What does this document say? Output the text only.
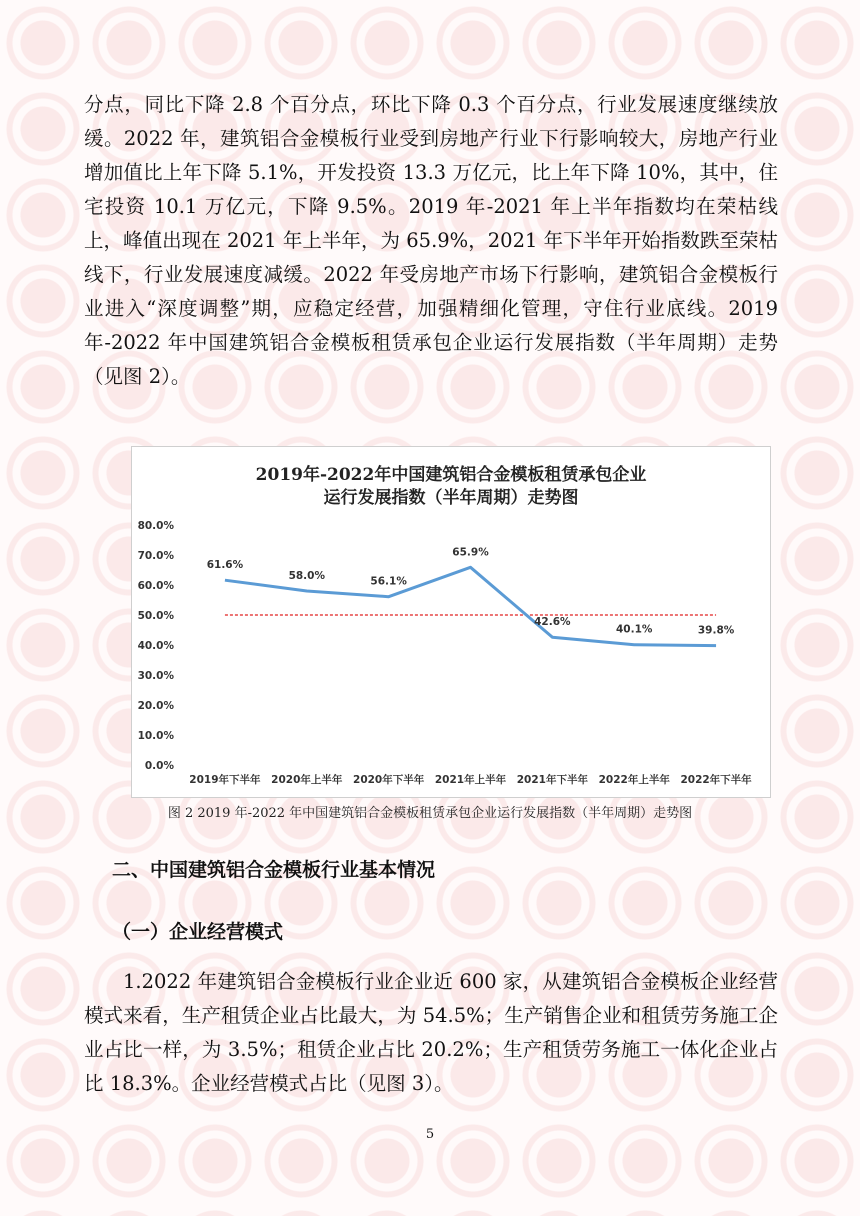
分点，同比下降 2.8 个百分点，环比下降 0.3 个百分点，行业发展速度继续放缓。2022 年，建筑铝合金模板行业受到房地产行业下行影响较大，房地产行业增加值比上年下降 5.1%，开发投资 13.3 万亿元，比上年下降 10%，其中，住宅投资 10.1 万亿元，下降 9.5%。2019 年-2021 年上半年指数均在荣枯线上，峰值出现在 2021 年上半年，为 65.9%，2021 年下半年开始指数跌至荣枯线下，行业发展速度减缓。2022 年受房地产市场下行影响，建筑铝合金模板行业进入“深度调整”期，应稳定经营，加强精细化管理，守住行业底线。2019 年-2022 年中国建筑铝合金模板租赁承包企业运行发展指数（半年周期）走势（见图 2）。

2019年-2022年中国建筑铝合金模板租赁承包企业
运行发展指数（半年周期）走势图
0.0%
10.0%
20.0%
30.0%
40.0%
50.0%
60.0%
70.0%
80.0%
2019年下半年 2020年上半年 2020年下半年 2021年上半年 2021年下半年 2022年上半年 2022年下半年
61.6%
58.0%	56.1%
65.9%
42.6%
40.1%	39.8%
图 2 2019 年-2022 年中国建筑铝合金模板租赁承包企业运行发展指数（半年周期）走势图
二、中国建筑铝合金模板行业基本情况
（一）企业经营模式

1.2022 年建筑铝合金模板行业企业近 600 家，从建筑铝合金模板企业经营模式来看，生产租赁企业占比最大，为 54.5%；生产销售企业和租赁劳务施工企业占比一样，为 3.5%；租赁企业占比 20.2%；生产租赁劳务施工一体化企业占比 18.3%。企业经营模式占比（见图 3）。

5
